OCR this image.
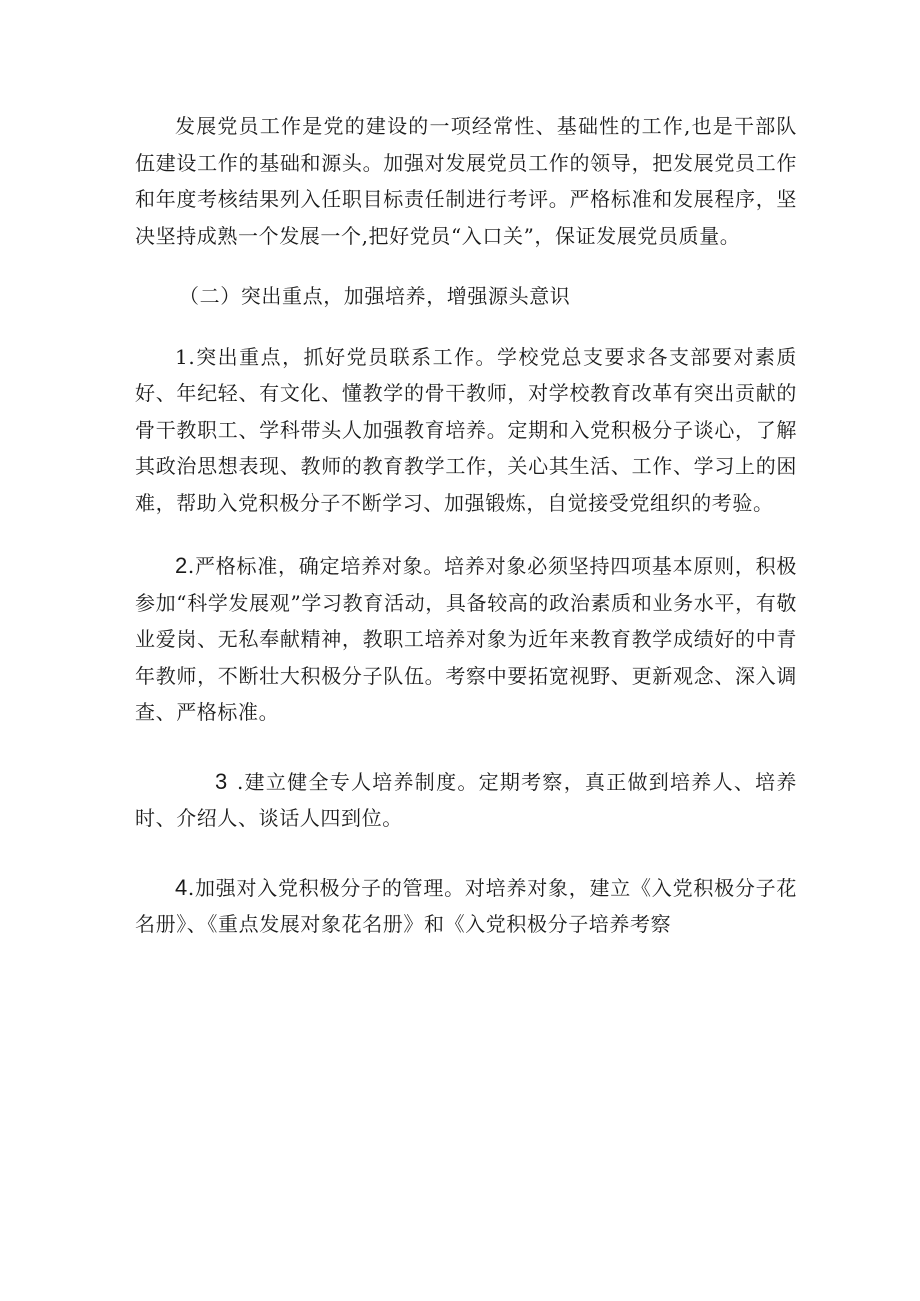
发展党员工作是党的建设的一项经常性、基础性的工作,也是干部队伍建设工作的基础和源头。加强对发展党员工作的领导，把发展党员工作和年度考核结果列入任职目标责任制进行考评。严格标准和发展程序，坚决坚持成熟一个发展一个,把好党员“入口关”，保证发展党员质量。

（二）突出重点，加强培养，增强源头意识

1.突出重点，抓好党员联系工作。学校党总支要求各支部要对素质好、年纪轻、有文化、懂教学的骨干教师，对学校教育改革有突出贡献的骨干教职工、学科带头人加强教育培养。定期和入党积极分子谈心，了解其政治思想表现、教师的教育教学工作，关心其生活、工作、学习上的困难，帮助入党积极分子不断学习、加强锻炼，自觉接受党组织的考验。

2.严格标准，确定培养对象。培养对象必须坚持四项基本原则，积极参加“科学发展观”学习教育活动，具备较高的政治素质和业务水平，有敬业爱岗、无私奉献精神，教职工培养对象为近年来教育教学成绩好的中青年教师，不断壮大积极分子队伍。考察中要拓宽视野、更新观念、深入调查、严格标准。

3 .建立健全专人培养制度。定期考察，真正做到培养人、培养时、介绍人、谈话人四到位。

4.加强对入党积极分子的管理。对培养对象，建立《入党积极分子花名册》、《重点发展对象花名册》和《入党积极分子培养考察
